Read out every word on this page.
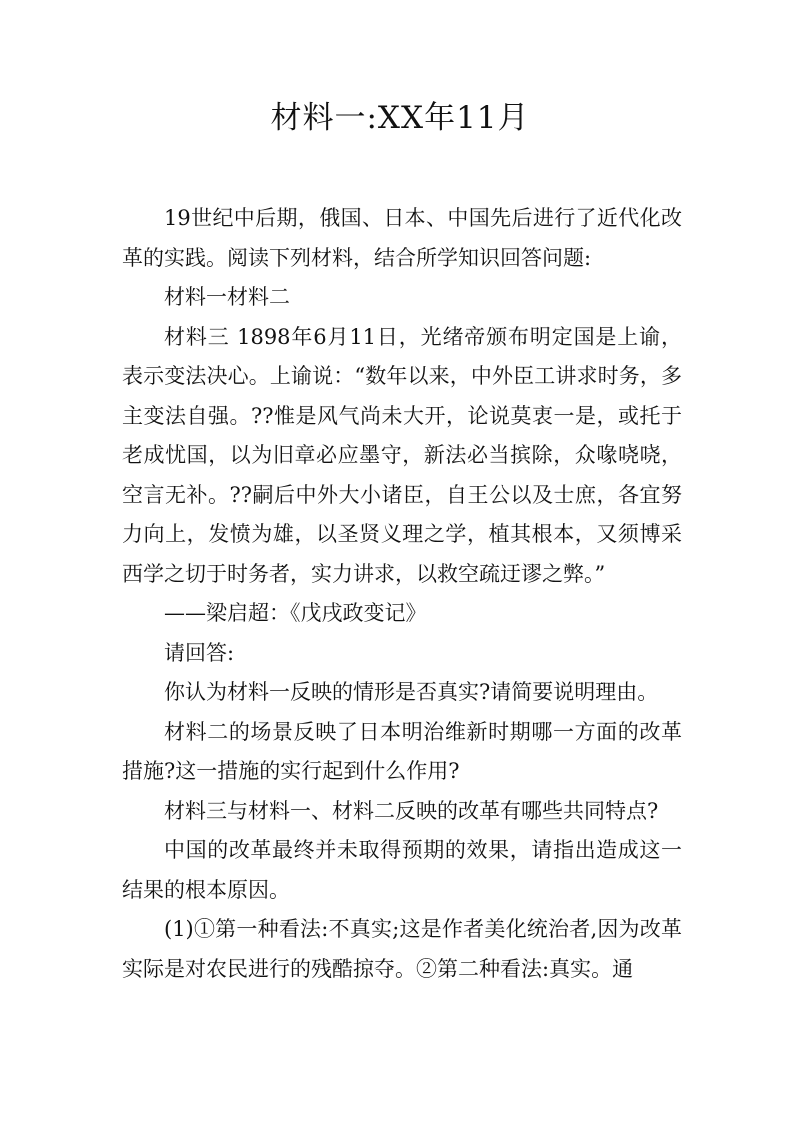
材料一:XX年11月

19世纪中后期，俄国、日本、中国先后进行了近代化改革的实践。阅读下列材料，结合所学知识回答问题:

材料一材料二

材料三 1898年6月11日，光绪帝颁布明定国是上谕，表示变法决心。上谕说：“数年以来，中外臣工讲求时务，多主变法自强。??惟是风气尚未大开，论说莫衷一是，或托于老成忧国，以为旧章必应墨守，新法必当摈除，众喙哓哓，空言无补。??嗣后中外大小诸臣，自王公以及士庶，各宜努力向上，发愤为雄，以圣贤义理之学，植其根本，又须博采西学之切于时务者，实力讲求，以救空疏迂谬之弊。”

——梁启超：《戊戌政变记》

请回答:

你认为材料一反映的情形是否真实?请简要说明理由。

材料二的场景反映了日本明治维新时期哪一方面的改革措施?这一措施的实行起到什么作用?

材料三与材料一、材料二反映的改革有哪些共同特点?

中国的改革最终并未取得预期的效果，请指出造成这一结果的根本原因。

(1)①第一种看法:不真实;这是作者美化统治者,因为改革实际是对农民进行的残酷掠夺。②第二种看法:真实。通
